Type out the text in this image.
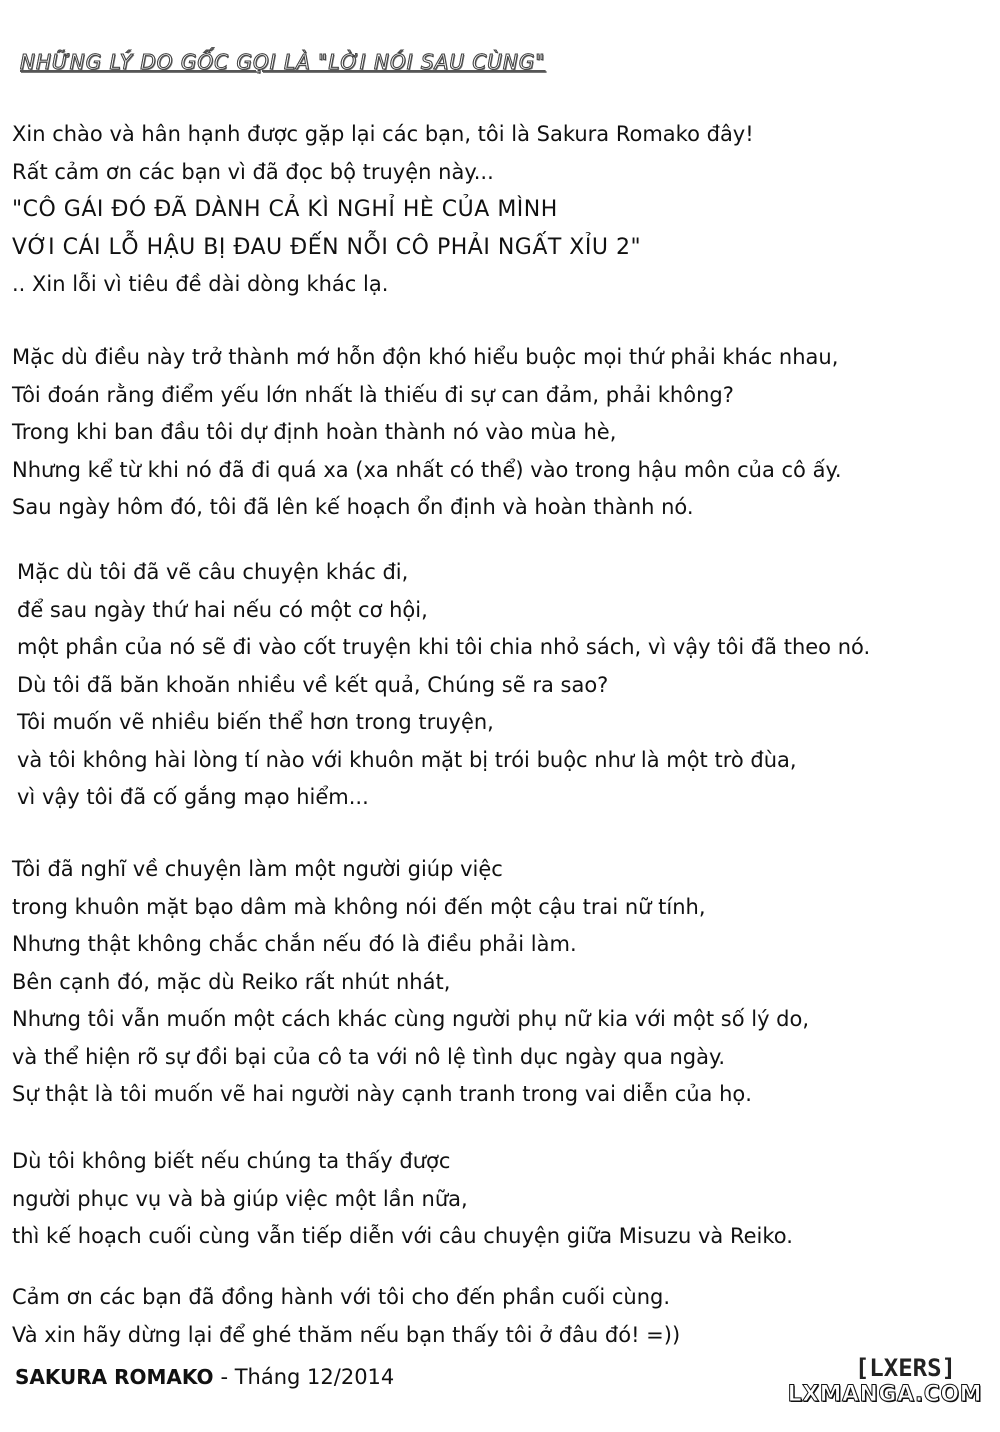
NHỮNG LÝ DO GỐC GỌI LÀ "LỜI NÓI SAU CÙNG"

Xin chào và hân hạnh được gặp lại các bạn, tôi là Sakura Romako đây!
Rất cảm ơn các bạn vì đã đọc bộ truyện này...
"CÔ GÁI ĐÓ ĐÃ DÀNH CẢ KÌ NGHỈ HÈ CỦA MÌNH
VỚI CÁI LỖ HẬU BỊ ĐAU ĐẾN NỖI CÔ PHẢI NGẤT XỈU 2"
.. Xin lỗi vì tiêu đề dài dòng khác lạ.

Mặc dù điều này trở thành mớ hỗn độn khó hiểu buộc mọi thứ phải khác nhau,
Tôi đoán rằng điểm yếu lớn nhất là thiếu đi sự can đảm, phải không?
Trong khi ban đầu tôi dự định hoàn thành nó vào mùa hè,
Nhưng kể từ khi nó đã đi quá xa (xa nhất có thể) vào trong hậu môn của cô ấy.
Sau ngày hôm đó, tôi đã lên kế hoạch ổn định và hoàn thành nó.

Mặc dù tôi đã vẽ câu chuyện khác đi,
để sau ngày thứ hai nếu có một cơ hội,
một phần của nó sẽ đi vào cốt truyện khi tôi chia nhỏ sách, vì vậy tôi đã theo nó.
Dù tôi đã băn khoăn nhiều về kết quả, Chúng sẽ ra sao?
Tôi muốn vẽ nhiều biến thể hơn trong truyện,
và tôi không hài lòng tí nào với khuôn mặt bị trói buộc như là một trò đùa,
vì vậy tôi đã cố gắng mạo hiểm...

Tôi đã nghĩ về chuyện làm một người giúp việc
trong khuôn mặt bạo dâm mà không nói đến một cậu trai nữ tính,
Nhưng thật không chắc chắn nếu đó là điều phải làm.
Bên cạnh đó, mặc dù Reiko rất nhút nhát,
Nhưng tôi vẫn muốn một cách khác cùng người phụ nữ kia với một số lý do,
và thể hiện rõ sự đồi bại của cô ta với nô lệ tình dục ngày qua ngày.
Sự thật là tôi muốn vẽ hai người này cạnh tranh trong vai diễn của họ.

Dù tôi không biết nếu chúng ta thấy được
người phục vụ và bà giúp việc một lần nữa,
thì kế hoạch cuối cùng vẫn tiếp diễn với câu chuyện giữa Misuzu và Reiko.

Cảm ơn các bạn đã đồng hành với tôi cho đến phần cuối cùng.
Và xin hãy dừng lại để ghé thăm nếu bạn thấy tôi ở đâu đó! =))

SAKURA ROMAKO - Tháng 12/2014	[LXERS]
LXMANGA.COM
